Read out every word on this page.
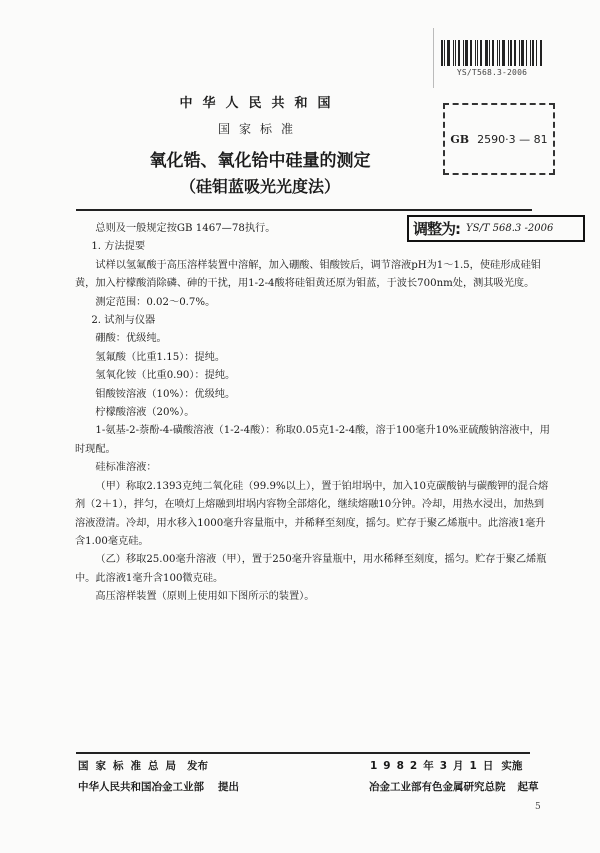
YS/T568.3-2006
GB 2590·3 — 81
中华人民共和国
国家标准
氧化锆、氧化铪中硅量的测定
（硅钼蓝吸光光度法）
调整为: YS/T 568.3 -2006

总则及一般规定按GB 1467—78执行。

1. 方法提要

试样以氢氟酸于高压溶样装置中溶解，加入硼酸、钼酸铵后，调节溶液pH为1～1.5，使硅形成硅钼黄，加入柠檬酸消除磷、砷的干扰，用1-2-4酸将硅钼黄还原为钼蓝，于波长700nm处，测其吸光度。

测定范围：0.02～0.7%。

2. 试剂与仪器

硼酸：优级纯。

氢氟酸（比重1.15）：提纯。

氢氧化铵（比重0.90）：提纯。

钼酸铵溶液（10%）：优级纯。

柠檬酸溶液（20%）。

1-氨基-2-萘酚-4-磺酸溶液（1-2-4酸）：称取0.05克1-2-4酸，溶于100毫升10%亚硫酸钠溶液中，用时现配。

硅标准溶液：

（甲）称取2.1393克纯二氧化硅（99.9%以上），置于铂坩埚中，加入10克碳酸钠与碳酸钾的混合熔剂（2＋1），拌匀，在喷灯上熔融到坩埚内容物全部熔化，继续熔融10分钟。冷却，用热水浸出，加热到溶液澄清。冷却，用水移入1000毫升容量瓶中，并稀释至刻度，摇匀。贮存于聚乙烯瓶中。此溶液1毫升含1.00毫克硅。

（乙）移取25.00毫升溶液（甲），置于250毫升容量瓶中，用水稀释至刻度，摇匀。贮存于聚乙烯瓶中。此溶液1毫升含100微克硅。

高压溶样装置（原则上使用如下图所示的装置）。

国家标准总局 发布
中华人民共和国冶金工业部 提出
1982年3月1日 实施
冶金工业部有色金属研究总院 起草
5
